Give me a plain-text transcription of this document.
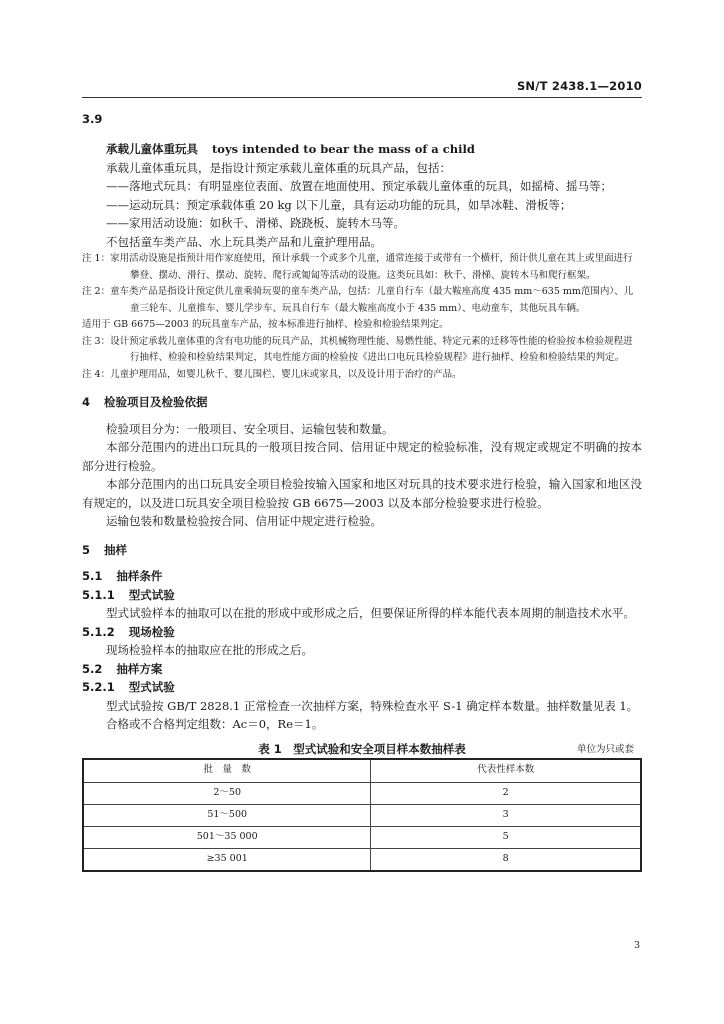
SN/T 2438.1—2010

3.9

承载儿童体重玩具 toys intended to bear the mass of a child

承载儿童体重玩具，是指设计预定承载儿童体重的玩具产品，包括：

——落地式玩具：有明显座位表面、放置在地面使用、预定承载儿童体重的玩具，如摇椅、摇马等；

——运动玩具：预定承载体重 20 kg 以下儿童，具有运动功能的玩具，如旱冰鞋、滑板等；

——家用活动设施：如秋千、滑梯、跷跷板、旋转木马等。

不包括童车类产品、水上玩具类产品和儿童护理用品。

注 1：家用活动设施是指预计用作家庭使用，预计承载一个或多个儿童，通常连接于或带有一个横杆，预计供儿童在其上或里面进行攀登、摆动、滑行、摆动、旋转、爬行或匍匐等活动的设施。这类玩具如：秋千、滑梯、旋转木马和爬行框架。

注 2：童车类产品是指设计预定供儿童乘骑玩耍的童车类产品，包括：儿童自行车（最大鞍座高度 435 mm～635 mm范围内）、儿童三轮车、儿童推车、婴儿学步车、玩具自行车（最大鞍座高度小于 435 mm）、电动童车，其他玩具车辆。

适用于 GB 6675—2003 的玩具童车产品，按本标准进行抽样、检验和检验结果判定。

注 3：设计预定承载儿童体重的含有电功能的玩具产品，其机械物理性能、易燃性能、特定元素的迁移等性能的检验按本检验规程进行抽样、检验和检验结果判定，其电性能方面的检验按《进出口电玩具检验规程》进行抽样、检验和检验结果的判定。

注 4：儿童护理用品，如婴儿秋千、婴儿围栏、婴儿床或家具，以及设计用于治疗的产品。

4 检验项目及检验依据

检验项目分为：一般项目、安全项目、运输包装和数量。

本部分范围内的进出口玩具的一般项目按合同、信用证中规定的检验标准，没有规定或规定不明确的按本部分进行检验。

本部分范围内的出口玩具安全项目检验按输入国家和地区对玩具的技术要求进行检验，输入国家和地区没有规定的，以及进口玩具安全项目检验按 GB 6675—2003 以及本部分检验要求进行检验。

运输包装和数量检验按合同、信用证中规定进行检验。

5 抽样

5.1 抽样条件

5.1.1 型式试验

型式试验样本的抽取可以在批的形成中或形成之后，但要保证所得的样本能代表本周期的制造技术水平。

5.1.2 现场检验

现场检验样本的抽取应在批的形成之后。

5.2 抽样方案

5.2.1 型式试验

型式试验按 GB/T 2828.1 正常检查一次抽样方案，特殊检查水平 S-1 确定样本数量。抽样数量见表 1。

合格或不合格判定组数：Ac＝0，Re＝1。

表 1　型式试验和安全项目样本数抽样表	单位为只或套
批　量　数	代表性样本数
2～50	2
51～500	3
501～35 000	5
≥35 001	8
3
